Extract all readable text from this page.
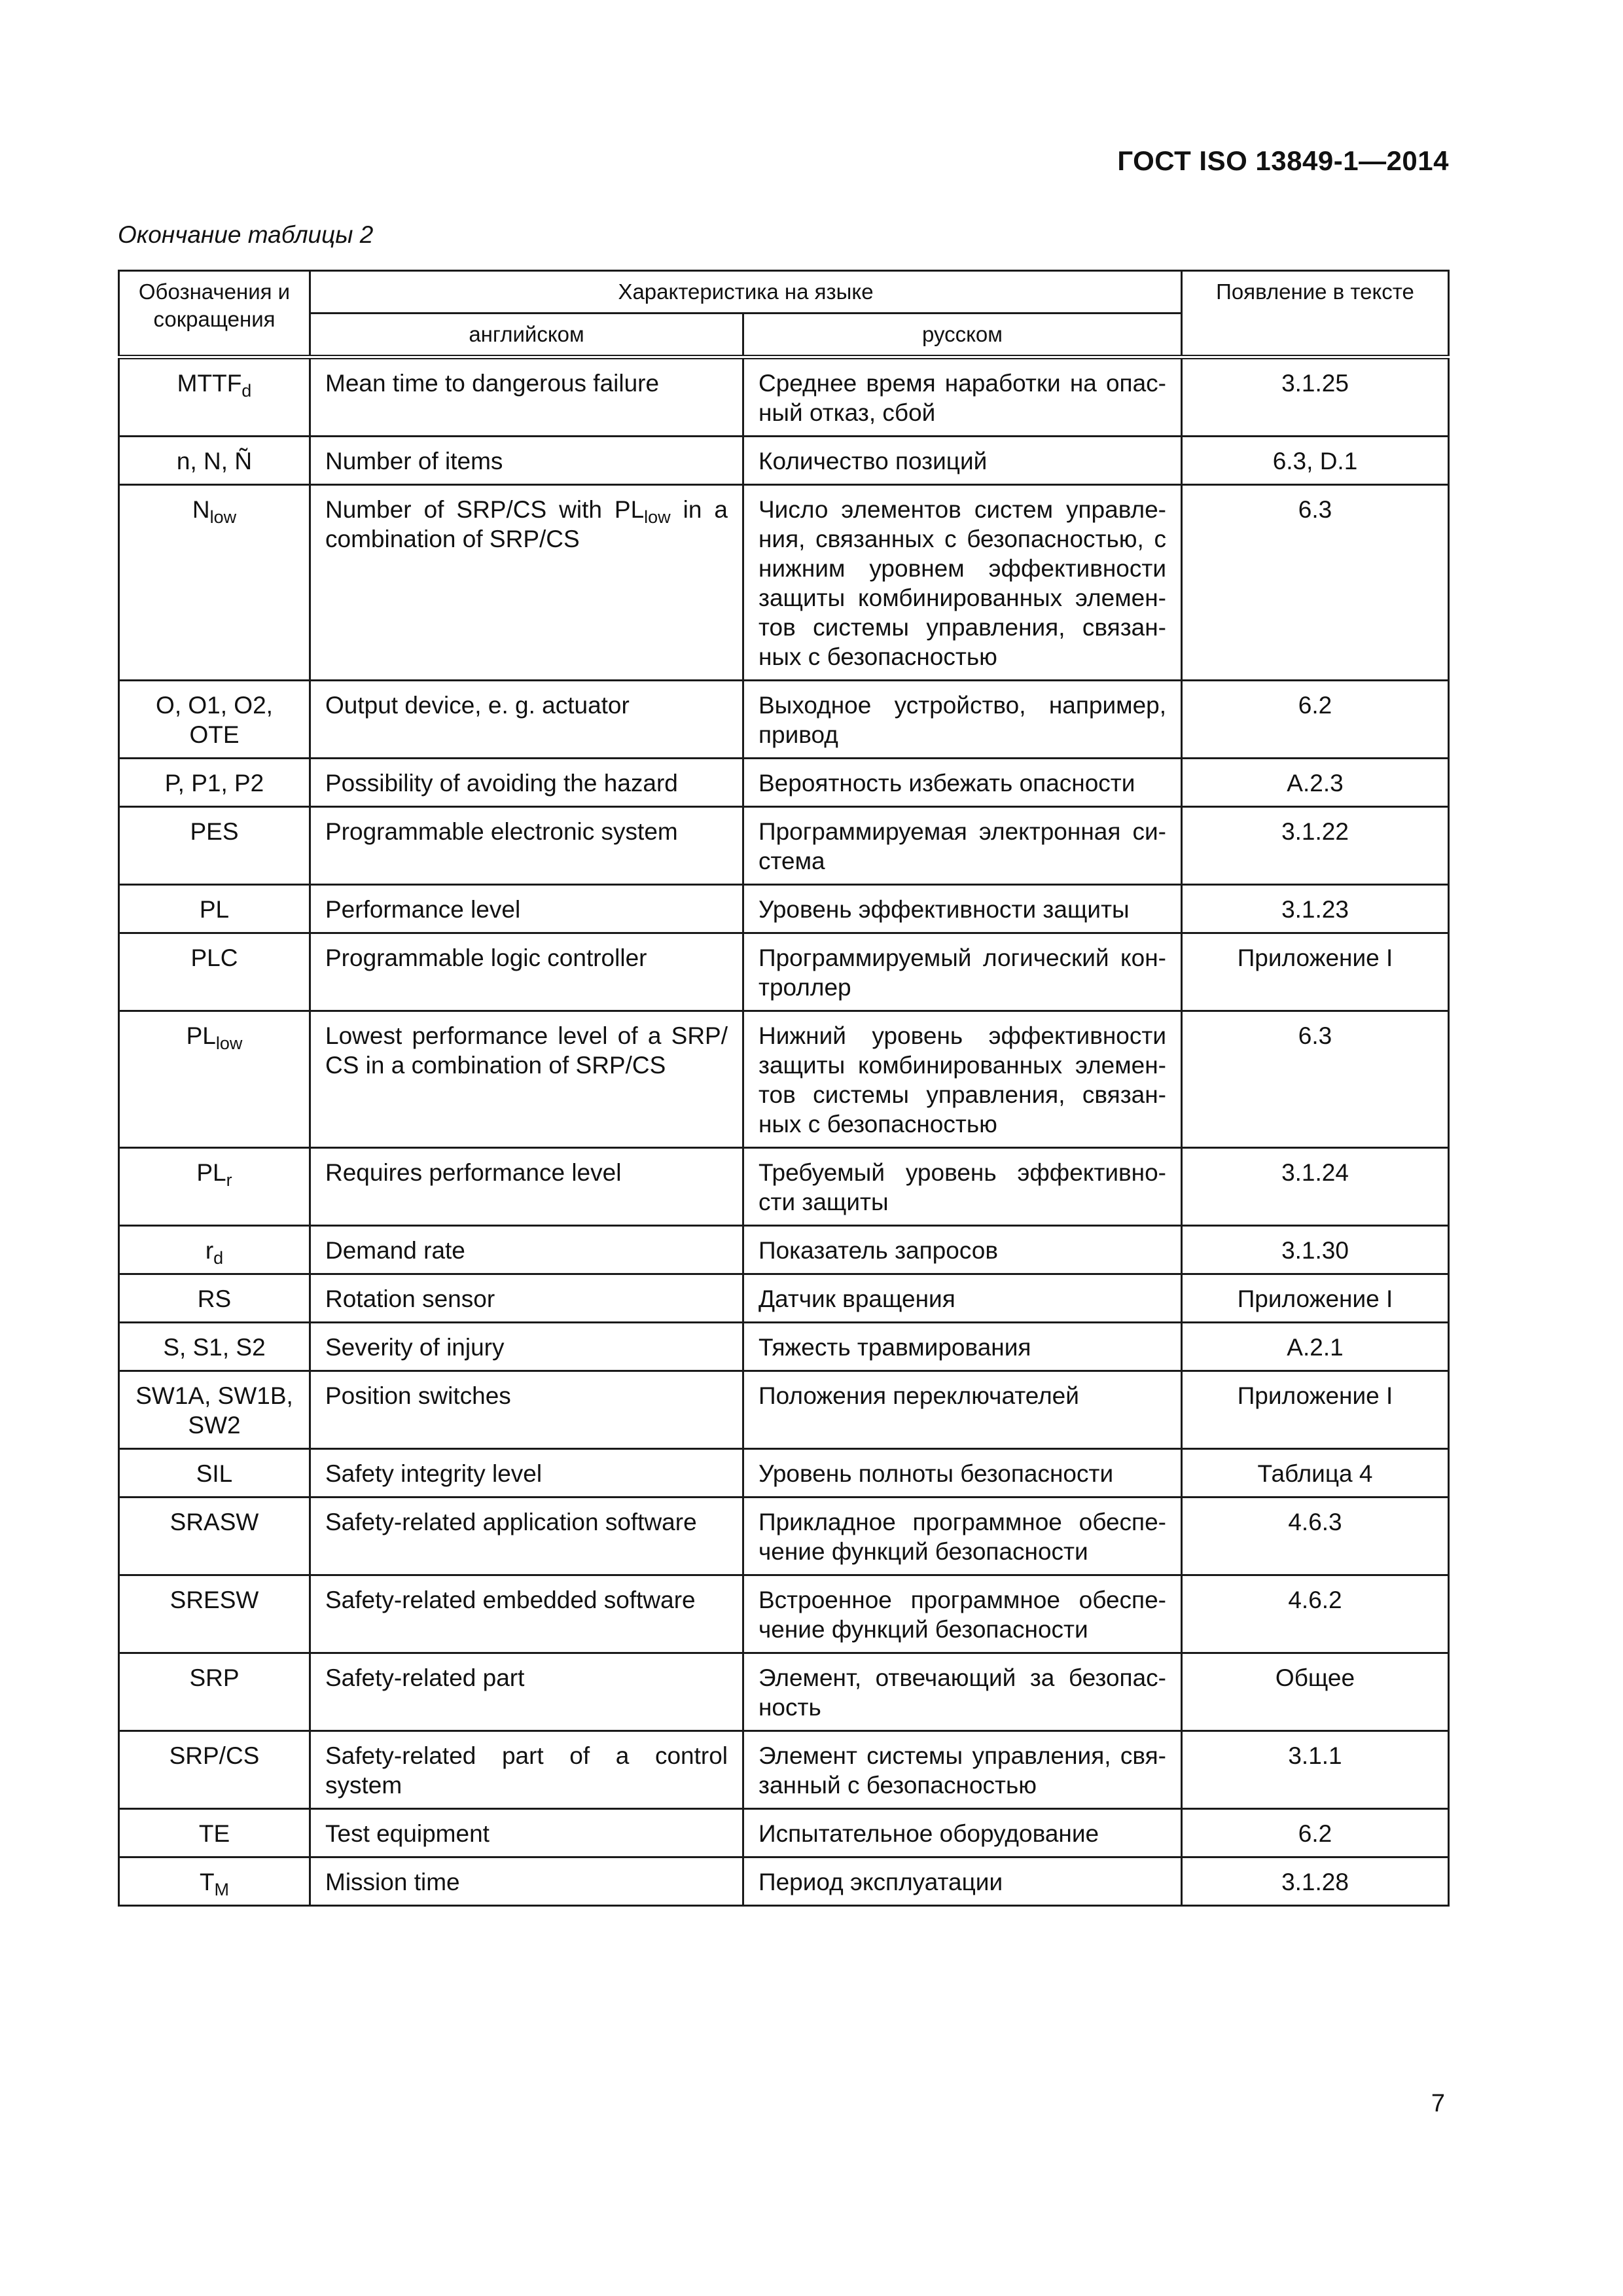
ГОСТ ISO 13849-1—2014
Окончание таблицы 2
Обозначения и сокращения	Характеристика на языке		Появление в тексте
	английском	русском	
$MTTF_d$	Mean time to dangerous failure	Среднее время наработки на опасный отказ, сбой	3.1.25
n, N, Ñ	Number of items	Количество позиций	6.3, D.1
$N_{low}$	Number of SRP/CS with $PL_{low}$ in a combination of SRP/CS	Число элементов систем управления, связанных с безопасностью, с нижним уровнем эффективности защиты комбинированных элементов системы управления, связанных с безопасностью	6.3
O, O1, O2, OTE	Output device, e. g. actuator	Выходное устройство, например, привод	6.2
P, P1, P2	Possibility of avoiding the hazard	Вероятность избежать опасности	A.2.3
PES	Programmable electronic system	Программируемая электронная система	3.1.22
PL	Performance level	Уровень эффективности защиты	3.1.23
PLC	Programmable logic controller	Программируемый логический контроллер	Приложение I
$PL_{low}$	Lowest performance level of a SRP/ CS in a combination of SRP/CS	Нижний уровень эффективности защиты комбинированных элементов системы управления, связанных с безопасностью	6.3
$PL_r$	Requires performance level	Требуемый уровень эффективности защиты	3.1.24
$r_d$	Demand rate	Показатель запросов	3.1.30
RS	Rotation sensor	Датчик вращения	Приложение I
S, S1, S2	Severity of injury	Тяжесть травмирования	A.2.1
SW1A, SW1B, SW2	Position switches	Положения переключателей	Приложение I
SIL	Safety integrity level	Уровень полноты безопасности	Таблица 4
SRASW	Safety-related application software	Прикладное программное обеспечение функций безопасности	4.6.3
SRESW	Safety-related embedded software	Встроенное программное обеспечение функций безопасности	4.6.2
SRP	Safety-related part	Элемент, отвечающий за безопасность	Общее
SRP/CS	Safety-related part of a control system	Элемент системы управления, связанный с безопасностью	3.1.1
TE	Test equipment	Испытательное оборудование	6.2
$T_M$	Mission time	Период эксплуатации	3.1.28
7
